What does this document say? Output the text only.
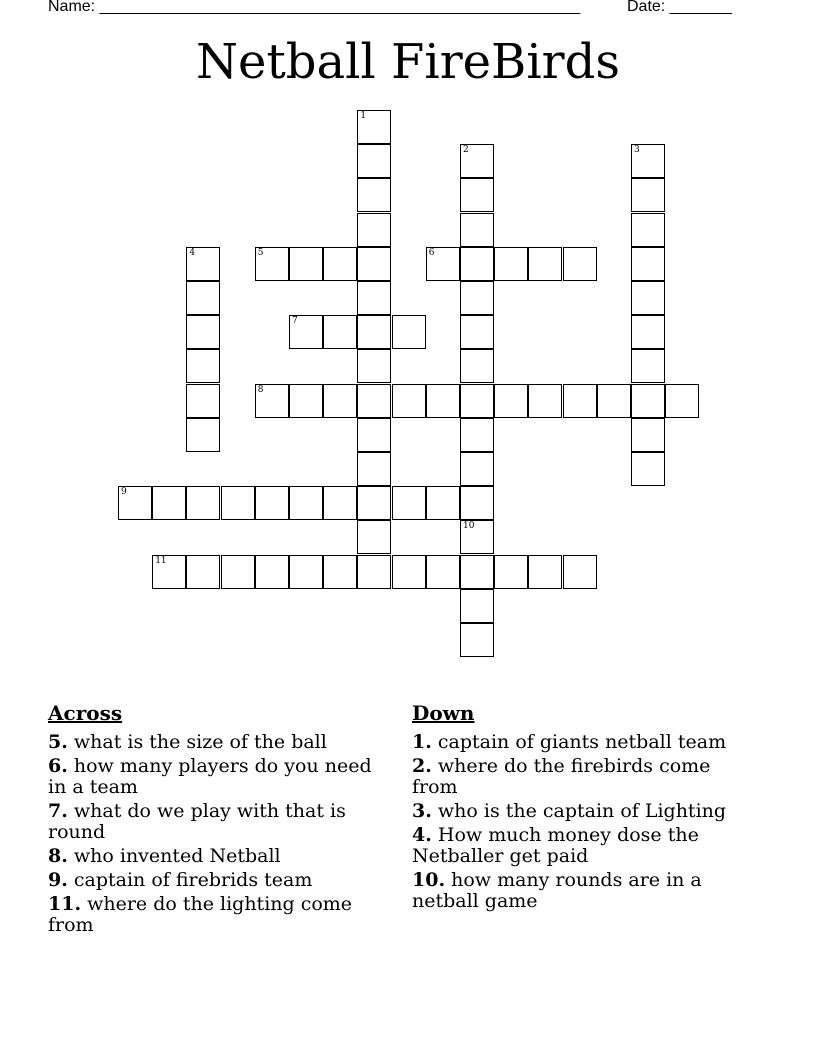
Name: ______________________________________________________	Date: _______
Netball FireBirds
1
2	3
4	5	6
7
8
9
10
11
Across
5. what is the size of the ball
6. how many players do you need in a team
7. what do we play with that is round
8. who invented Netball
9. captain of firebrids team
11. where do the lighting come from
Down
1. captain of giants netball team
2. where do the firebirds come from
3. who is the captain of Lighting
4. How much money dose the Netballer get paid
10. how many rounds are in a netball game
